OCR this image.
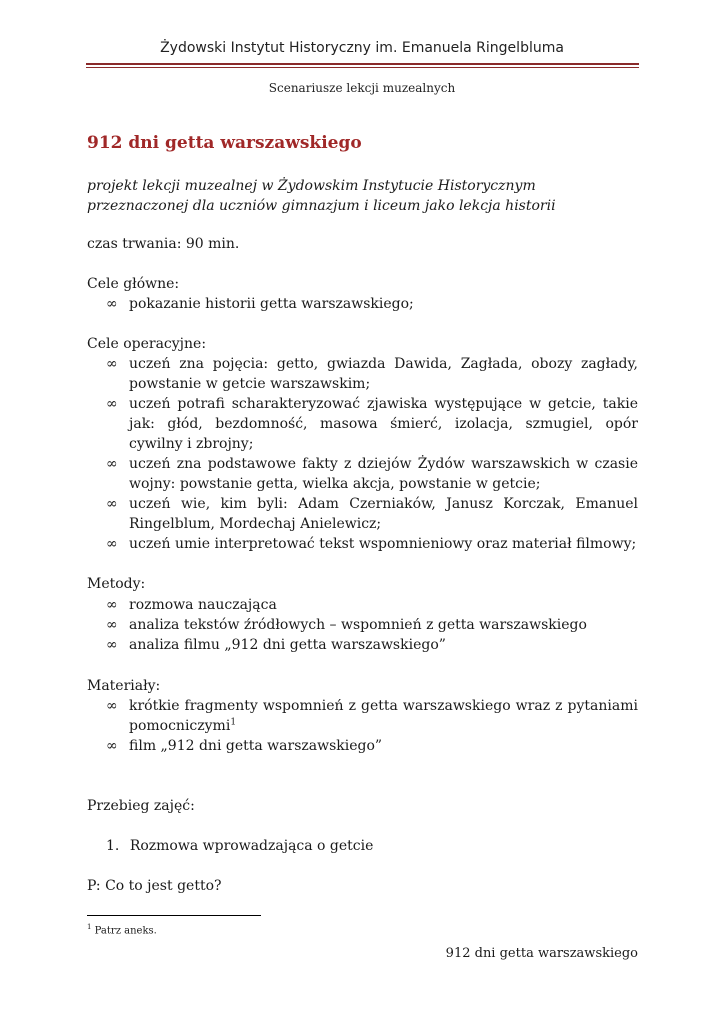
Żydowski Instytut Historyczny im. Emanuela Ringelbluma
Scenariusze lekcji muzealnych
912 dni getta warszawskiego
projekt lekcji muzealnej w Żydowskim Instytucie Historycznym
przeznaczonej dla uczniów gimnazjum i liceum jako lekcja historii
czas trwania: 90 min.
Cele główne:
∞ pokazanie historii getta warszawskiego;
Cele operacyjne:
∞ uczeń zna pojęcia: getto, gwiazda Dawida, Zagłada, obozy zagłady, powstanie w getcie warszawskim;
∞ uczeń potrafi scharakteryzować zjawiska występujące w getcie, takie jak: głód, bezdomność, masowa śmierć, izolacja, szmugiel, opór cywilny i zbrojny;
∞ uczeń zna podstawowe fakty z dziejów Żydów warszawskich w czasie wojny: powstanie getta, wielka akcja, powstanie w getcie;
∞ uczeń wie, kim byli: Adam Czerniaków, Janusz Korczak, Emanuel Ringelblum, Mordechaj Anielewicz;
∞ uczeń umie interpretować tekst wspomnieniowy oraz materiał filmowy;
Metody:
∞ rozmowa nauczająca
∞ analiza tekstów źródłowych – wspomnień z getta warszawskiego
∞ analiza filmu „912 dni getta warszawskiego”
Materiały:
∞ krótkie fragmenty wspomnień z getta warszawskiego wraz z pytaniami pomocniczymi$^1$
∞ film „912 dni getta warszawskiego”
Przebieg zajęć:
1. Rozmowa wprowadzająca o getcie
P: Co to jest getto?
$^1$ Patrz aneks.
912 dni getta warszawskiego
